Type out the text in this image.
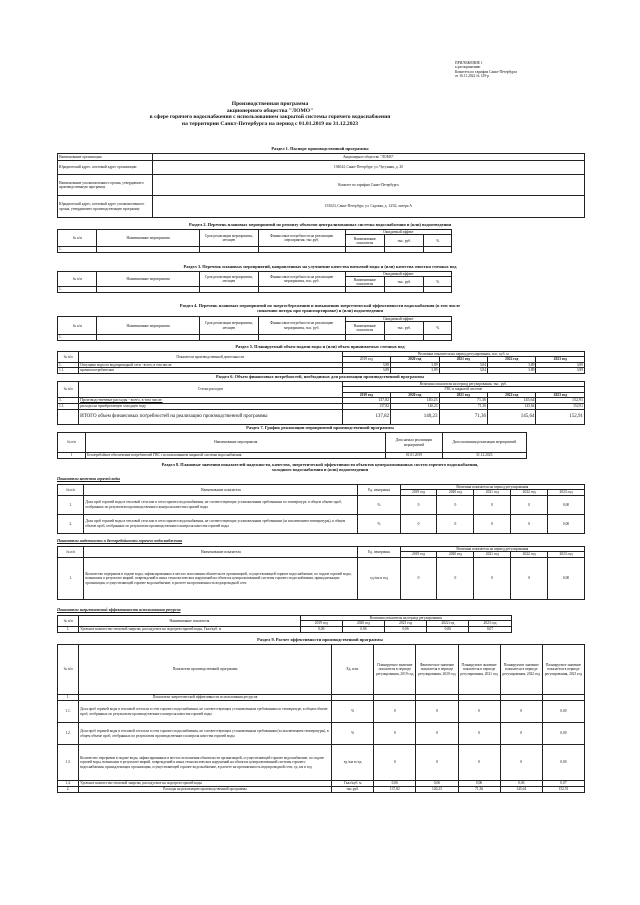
ПРИЛОЖЕНИЕ 1
к распоряжению
Комитета по тарифам Санкт-Петербурга
от 16.11.2022 № 129-р
Производственная программа
акционерного общества "ЛОМО"
в сфере горячего водоснабжения с использованием закрытой системы горячего водоснабжения
на территории Санкт-Петербурга на период с 01.01.2019 по 31.12.2023
Раздел 1. Паспорт производственной программы
Наименование организации	Акционерное общество "ЛОМО"
Юридический адрес, почтовый адрес организации	194044, Санкт-Петербург, ул. Чугунная, д. 20
Наименование уполномоченного органа, утвердившего производственную программу	Комитет по тарифам Санкт-Петербурга
Юридический адрес, почтовый адрес уполномоченного органа, утвердившего производственную программу	191023, Санкт-Петербург, ул. Садовая, д. 14/52, литера А
Раздел 2. Перечень плановых мероприятий по ремонту объектов централизованных системы водоснабжения и (или) водоотведения
№ п/п	Наименование мероприятия	Срок реализации мероприятия, месяцев	Финансовые потребности на реализацию мероприятия, тыс.руб.	Ожидаемый эффект		
				Наименование показателя	тыс. руб.	%
1.						
Раздел 3. Перечень плановых мероприятий, направленных на улучшение качества питьевой воды и (или) качества очистки сточных вод
№ п/п	Наименование мероприятия	Срок реализации мероприятия, месяцев	Финансовые потребности на реализацию мероприятия, тыс. руб.	Ожидаемый эффект		
				Наименование показателя	тыс. руб.	%
1.						
Раздел 4. Перечень плановых мероприятий по энергосбережению и повышению энергетической эффективности водоснабжения (в том числе
снижению потерь при транспортировке) и (или) водоотведения
№ п/п	Наименование мероприятия	Срок реализации мероприятия, месяцев	Финансовые потребности на реализацию мероприятия, тыс. руб.	Ожидаемый эффект		
				Наименование показателя	тыс. руб.	%
1.						
Раздел 5. Планируемый объем подачи воды и (или) объем принимаемых сточных вод
№ п/п	Показатели производственной деятельности	Величина показателя на период регулирования, тыс. куб. м				
		2019 год	2020 год	2021 год	2022 год	2023 год
1.	Отпущено воды из водопроводной сети - всего, в том числе:	3,89	3,89	3,84	3,89	3,89
1.1.	прочим потребителям	3,89	3,89	3,84	3,89	3,89
Раздел 6. Объем финансовых потребностей, необходимых для реализации производственной программы
№ п/п	Статьи расходов	Величина показателя на период регулирования, тыс. руб.				
		ГВС в закрытой системе				
		2019 год	2020 год	2021 год	2022 год	2023 год
1.	Производственные расходы - всего, в том числе:	137,82	140,23	71,36	145,64	152,91
1.1.	расходы на приобретаемую холодную воду	137,82	140,23	71,36	145,64	152,91
	ИТОГО объем финансовых потребностей на реализацию производственной программы	137,82	140,23	71,36	145,64	152,91
Раздел 7. График реализации мероприятий производственной программы
№ п/п	Наименование мероприятия	Дата начала реализации мероприятий	Дата окончания реализации мероприятий
1	Бесперебойное обеспечение потребителей ГВС с использованием закрытой системы водоснабжения	01.01.2019	31.12.2023
Раздел 8. Плановые значения показателей надежности, качества, энергетической эффективности объектов централизованных систем горячего водоснабжения,
холодного водоснабжения и (или) водоотведения
Показатели качества горячей воды
№ п/п	Наименование показателя	Ед. измерения	Величина показателя на период регулирования				
			2019 год	2020 год	2021 год	2022 год	2023 год
1.	Доля проб горячей воды в тепловой сети или в сети горячего водоснабжения, не соответствующих установленным требованиям по температуре, в общем объеме проб, отобранных по результатам производственного контроля качества горячей воды	%	0	0	0	0	0,00
2.	Доля проб горячей воды в тепловой сети или в сети горячего водоснабжения, не соответствующих установленным требованиям (за исключением температуры), в общем объеме проб, отобранных по результатам производственного контроля качества горячей воды	%	0	0	0	0	0,00
Показатели надежности и бесперебойности горячего водоснабжения
№ п/п	Наименование показателя	Ед. измерения	Величина показателя на период регулирования				
			2019 год	2020 год	2021 год	2022 год	2023 год
1.	Количество перерывов в подаче воды, зафиксированных в местах исполнения обязательств организацией, осуществляющей горячее водоснабжение, по подаче горячей воды, возникших в результате аварий, повреждений и иных технологических нарушений на объектах централизованной системы горячего водоснабжения, принадлежащих организации, осуществляющей горячее водоснабжение, в расчете на протяженность водопроводной сети	ед./км в год	0	0	0	0	0,00
Показатели энергетической эффективности использования ресурсов
№ п/п	Наименование показателя	Величина показателя на период регулирования					
		2019 год	2020 год	2021 год	2022 год	2023 год	
1.	Удельное количество тепловой энергии, расходуемое на подогрев горячей воды, Гкал/куб. м	0,06	0,06	0,06	0,06	0,07	
Раздел 9. Расчет эффективности производственной программы
№ п/п	Показатели производственной программы	Ед. изм.	Планируемое значение показателя в периоде регулирования, 2019 год	Фактическое значение показателя в периоде регулирования, 2020 год	Планируемое значение показателя в периоде регулирования, 2021 год	Планируемое значение показателя в периоде регулирования, 2022 год	Планируемое значение показателя в периоде регулирования, 2023 год
1.	Показатели энергетической эффективности использования ресурсов						
1.1.	Доля проб горячей воды в тепловой сети или в сети горячего водоснабжения, не соответствующих установленным требованиям по температуре, в общем объеме проб, отобранных по результатам производственного контроля качества горячей воды	%	0	0	0	0	0,00
1.2.	Доля проб горячей воды в тепловой сети или в сети горячего водоснабжения, не соответствующих установленным требованиям (за исключением температуры), в общем объеме проб, отобранных по результатам производственного контроля качества горячей воды	%	0	0	0	0	0,00
1.3.	Количество перерывов в подаче воды, зафиксированных в местах исполнения обязательств организацией, осуществляющей горячее водоснабжение, по подаче горячей воды, возникших в результате аварий, повреждений и иных технологических нарушений на объектах централизованной системы горячего водоснабжения, принадлежащих организации, осуществляющей горячее водоснабжение, в расчете на протяженность водопроводной сети, ед. км в год	ед./км в год	0	0	0	0	0,00
1.4.	Удельное количество тепловой энергии, расходуемое на подогрев горячей воды	Гкал/куб. м	0,06	0,06	0,06	0,06	0,07
2.	Расходы на реализацию производственной программы	тыс.руб.	137,82	140,23	71,36	145,64	152,91
